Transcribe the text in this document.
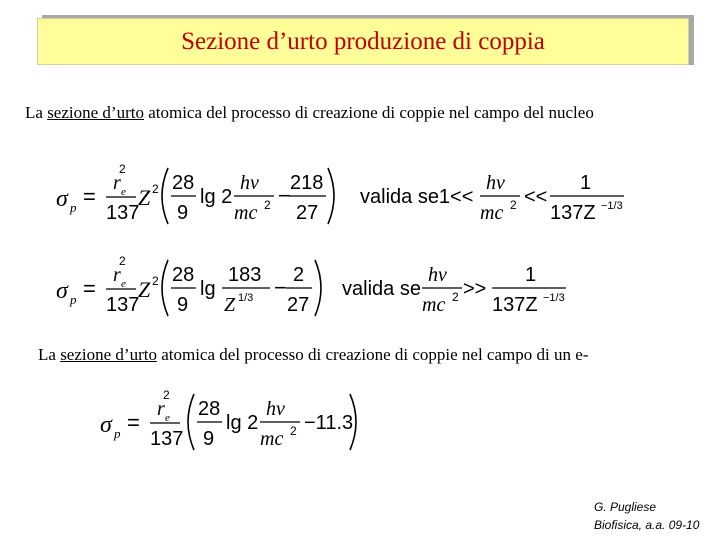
Sezione d’urto produzione di coppia
La sezione d’urto atomica del processo di creazione di coppie nel campo del nucleo
σ p =
r e
2
137
Z 2 28
9
lg 2
hν
mc 2 − 218
27
valida se1<<
hν
mc 2 <<
1
137Z −1/3
σ p =
r e
2
137
Z 2 28
9
lg
183
Z 1/3 − 2
27
valida se
hν
mc 2 >>
1
137Z −1/3
La sezione d’urto atomica del processo di creazione di coppie nel campo di un e-
σ p =
r e
2
137
28
9
lg 2
hν
mc 2 −11.3
G. Pugliese
Biofisica, a.a. 09-10
